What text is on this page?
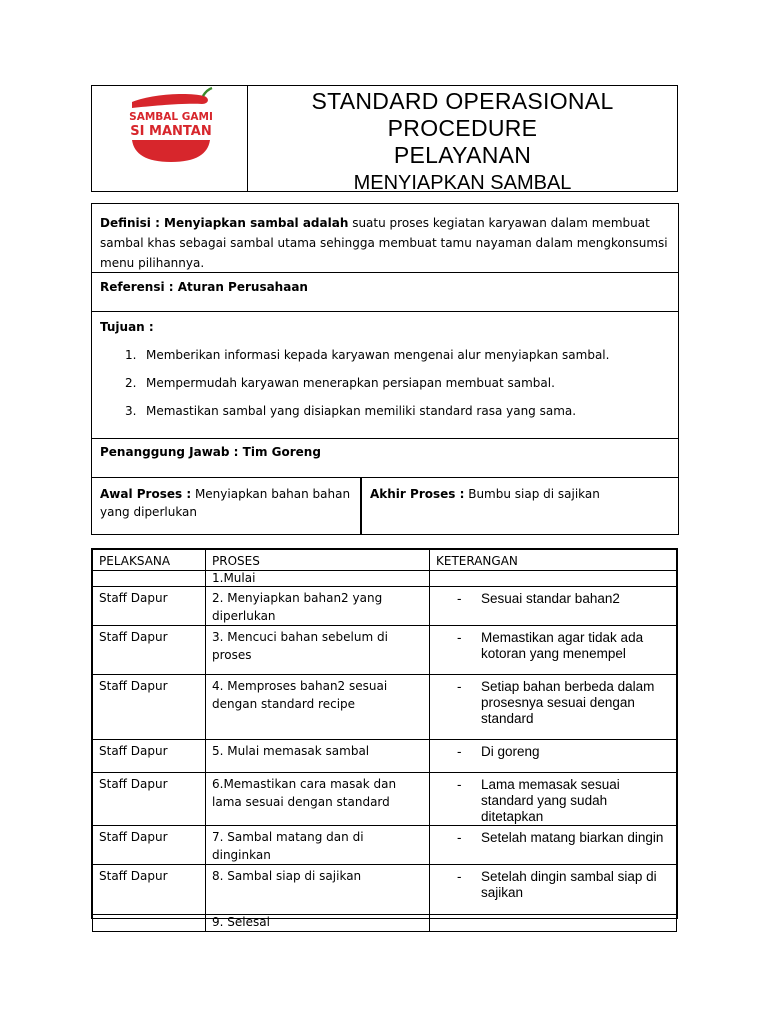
SAMBAL GAMI
SI MANTAN
STANDARD OPERASIONAL
PROCEDURE
PELAYANAN
MENYIAPKAN SAMBAL
Definisi : Menyiapkan sambal adalah suatu proses kegiatan karyawan dalam membuat sambal khas sebagai sambal utama sehingga membuat tamu nayaman dalam mengkonsumsi menu pilihannya.
Referensi : Aturan Perusahaan
Tujuan :
1. Memberikan informasi kepada karyawan mengenai alur menyiapkan sambal.
2. Mempermudah karyawan menerapkan persiapan membuat sambal.
3. Memastikan sambal yang disiapkan memiliki standard rasa yang sama.
Penanggung Jawab : Tim Goreng
Awal Proses : Menyiapkan bahan bahan yang diperlukan
Akhir Proses : Bumbu siap di sajikan
PELAKSANA	PROSES	KETERANGAN
	1.Mulai	
Staff Dapur	2. Menyiapkan bahan2 yang diperlukan	- Sesuai standar bahan2
Staff Dapur	3. Mencuci bahan sebelum di proses	- Memastikan agar tidak ada kotoran yang menempel
Staff Dapur	4. Memproses bahan2 sesuai dengan standard recipe	- Setiap bahan berbeda dalam prosesnya sesuai dengan standard
Staff Dapur	5. Mulai memasak sambal	- Di goreng
Staff Dapur	6.Memastikan cara masak dan lama sesuai dengan standard	- Lama memasak sesuai standard yang sudah ditetapkan
Staff Dapur	7. Sambal matang dan di dinginkan	- Setelah matang biarkan dingin
Staff Dapur	8. Sambal siap di sajikan	- Setelah dingin sambal siap di sajikan
	9. Selesai	
